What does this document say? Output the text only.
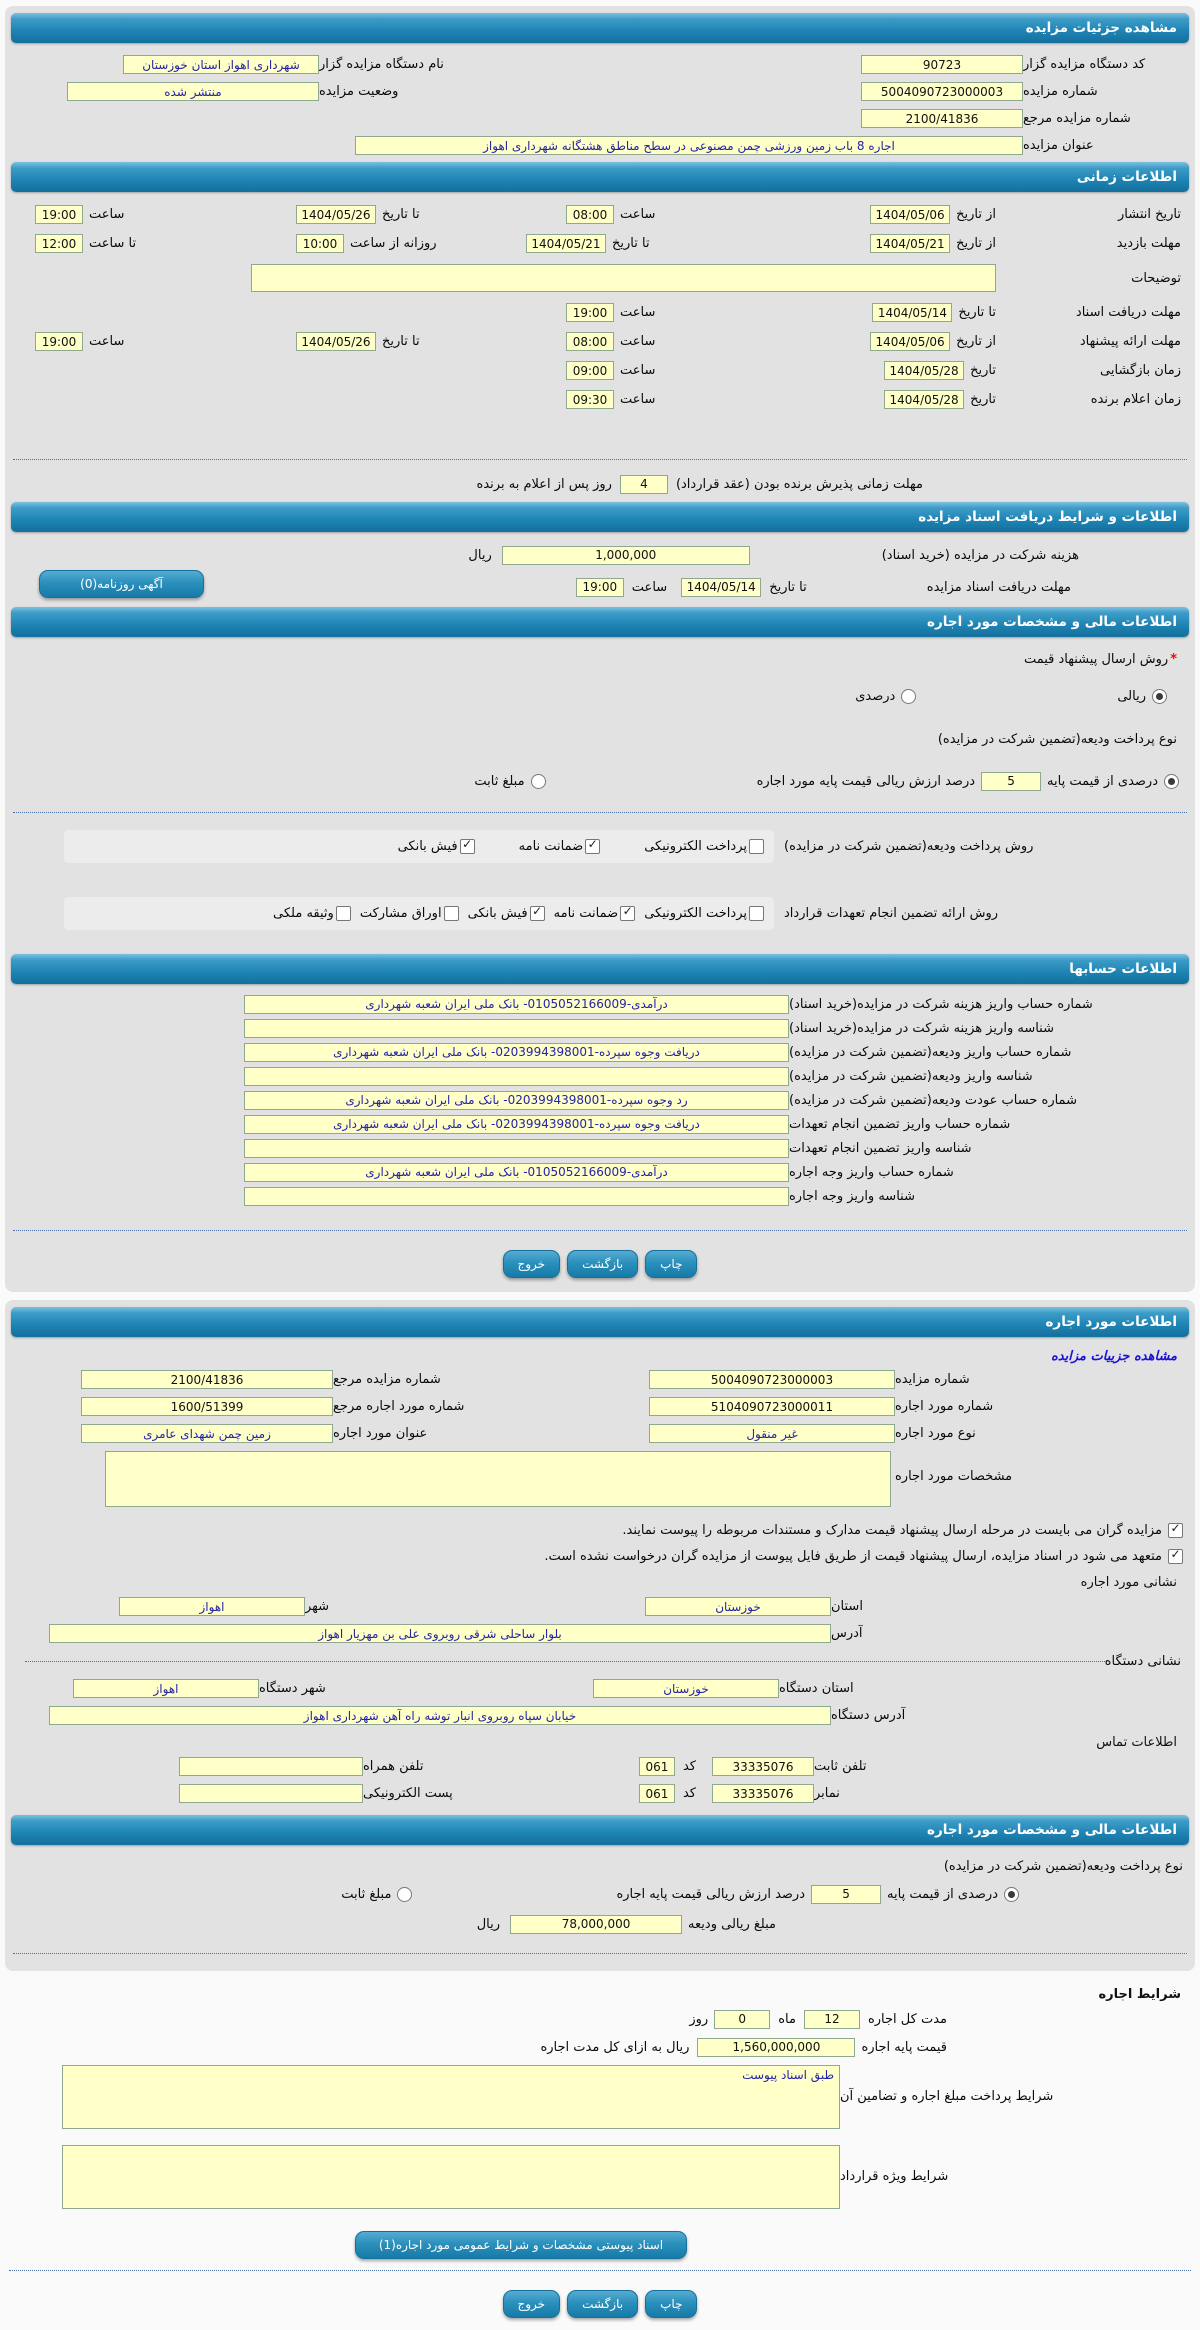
مشاهده جزئیات مزایده
کد دستگاه مزایده گزار
90723
نام دستگاه مزایده گزار
شهرداری اهواز استان خوزستان
شماره مزایده
5004090723000003
وضعیت مزایده
منتشر شده
شماره مزایده مرجع
2100/41836
عنوان مزایده
اجاره 8 باب زمین ورزشی چمن مصنوعی در سطح مناطق هشتگانه شهرداری اهواز
اطلاعات زمانی
تاریخ انتشار
از تاریخ
1404/05/06
ساعت
08:00
تا تاریخ
1404/05/26
ساعت
19:00
مهلت بازدید
از تاریخ
1404/05/21
تا تاریخ
1404/05/21
روزانه از ساعت
10:00
تا ساعت
12:00
توضیحات
مهلت دریافت اسناد
تا تاریخ
1404/05/14
ساعت
19:00
مهلت ارائه پیشنهاد
از تاریخ
1404/05/06
ساعت
08:00
تا تاریخ
1404/05/26
ساعت
19:00
زمان بازگشایی
تاریخ
1404/05/28
ساعت
09:00
زمان اعلام برنده
تاریخ
1404/05/28
ساعت
09:30
مهلت زمانی پذیرش برنده بودن (عقد قرارداد)
4
روز پس از اعلام به برنده
اطلاعات و شرایط دریافت اسناد مزایده
هزینه شرکت در مزایده (خرید اسناد)
1,000,000
ریال
مهلت دریافت اسناد مزایده
تا تاریخ
1404/05/14
ساعت
19:00
آگهی روزنامه(0)
اطلاعات مالی و مشخصات مورد اجاره
*
روش ارسال پیشنهاد قیمت
ریالی
درصدی
نوع پرداخت ودیعه(تضمین شرکت در مزایده)
درصدی از قیمت پایه
5
درصد ارزش ریالی قیمت پایه مورد اجاره
مبلغ ثابت
روش پرداخت ودیعه(تضمین شرکت در مزایده)
پرداخت الکترونیکی
✓
ضمانت نامه
✓
فیش بانکی
روش ارائه تضمین انجام تعهدات قرارداد
پرداخت الکترونیکی
✓
ضمانت نامه
✓
فیش بانکی
اوراق مشارکت
وثیقه ملکی
اطلاعات حسابها
شماره حساب واریز هزینه شرکت در مزایده(خرید اسناد)
درآمدی-0105052166009- بانک ملی ایران شعبه شهرداری
شناسه واریز هزینه شرکت در مزایده(خرید اسناد)
شماره حساب واریز ودیعه(تضمین شرکت در مزایده)
دریافت وجوه سپرده-0203994398001- بانک ملی ایران شعبه شهرداری
شناسه واریز ودیعه(تضمین شرکت در مزایده)
شماره حساب عودت ودیعه(تضمین شرکت در مزایده)
رد وجوه سپرده-0203994398001- بانک ملی ایران شعبه شهرداری
شماره حساب واریز تضمین انجام تعهدات
دریافت وجوه سپرده-0203994398001- بانک ملی ایران شعبه شهرداری
شناسه واریز تضمین انجام تعهدات
شماره حساب واریز وجه اجاره
درآمدی-0105052166009- بانک ملی ایران شعبه شهرداری
شناسه واریز وجه اجاره
چاپ
بازگشت
خروج
اطلاعات مورد اجاره
مشاهده جزییات مزایده
شماره مزایده
5004090723000003
شماره مزایده مرجع
2100/41836
شماره مورد اجاره
5104090723000011
شماره مورد اجاره مرجع
1600/51399
نوع مورد اجاره
غیر منقول
عنوان مورد اجاره
زمین چمن شهدای عامری
مشخصات مورد اجاره
✓
مزایده گران می بایست در مرحله ارسال پیشنهاد قیمت مدارک و مستندات مربوطه را پیوست نمایند.
✓
متعهد می شود در اسناد مزایده، ارسال پیشنهاد قیمت از طریق فایل پیوست از مزایده گران درخواست نشده است.
نشانی مورد اجاره
استان
خوزستان
شهر
اهواز
آدرس
بلوار ساحلی شرقی روبروی علی بن مهزیار اهواز
نشانی دستگاه
استان دستگاه
خوزستان
شهر دستگاه
اهواز
آدرس دستگاه
خیابان سپاه روبروی انبار توشه راه آهن شهرداری اهواز
اطلاعات تماس
تلفن ثابت
33335076
کد
061
تلفن همراه
نمابر
33335076
کد
061
پست الکترونیکی
اطلاعات مالی و مشخصات مورد اجاره
نوع پرداخت ودیعه(تضمین شرکت در مزایده)
درصدی از قیمت پایه
5
درصد ارزش ریالی قیمت پایه اجاره
مبلغ ثابت
مبلغ ریالی ودیعه
78,000,000
ریال
شرایط اجاره
مدت کل اجاره
12
ماه
0
روز
قیمت پایه اجاره
1,560,000,000
ریال به ازای کل مدت اجاره
شرایط پرداخت مبلغ اجاره و تضامین آن
طبق اسناد پیوست
شرایط ویژه قرارداد
اسناد پیوستی مشخصات و شرایط عمومی مورد اجاره(1)
چاپ
بازگشت
خروج
